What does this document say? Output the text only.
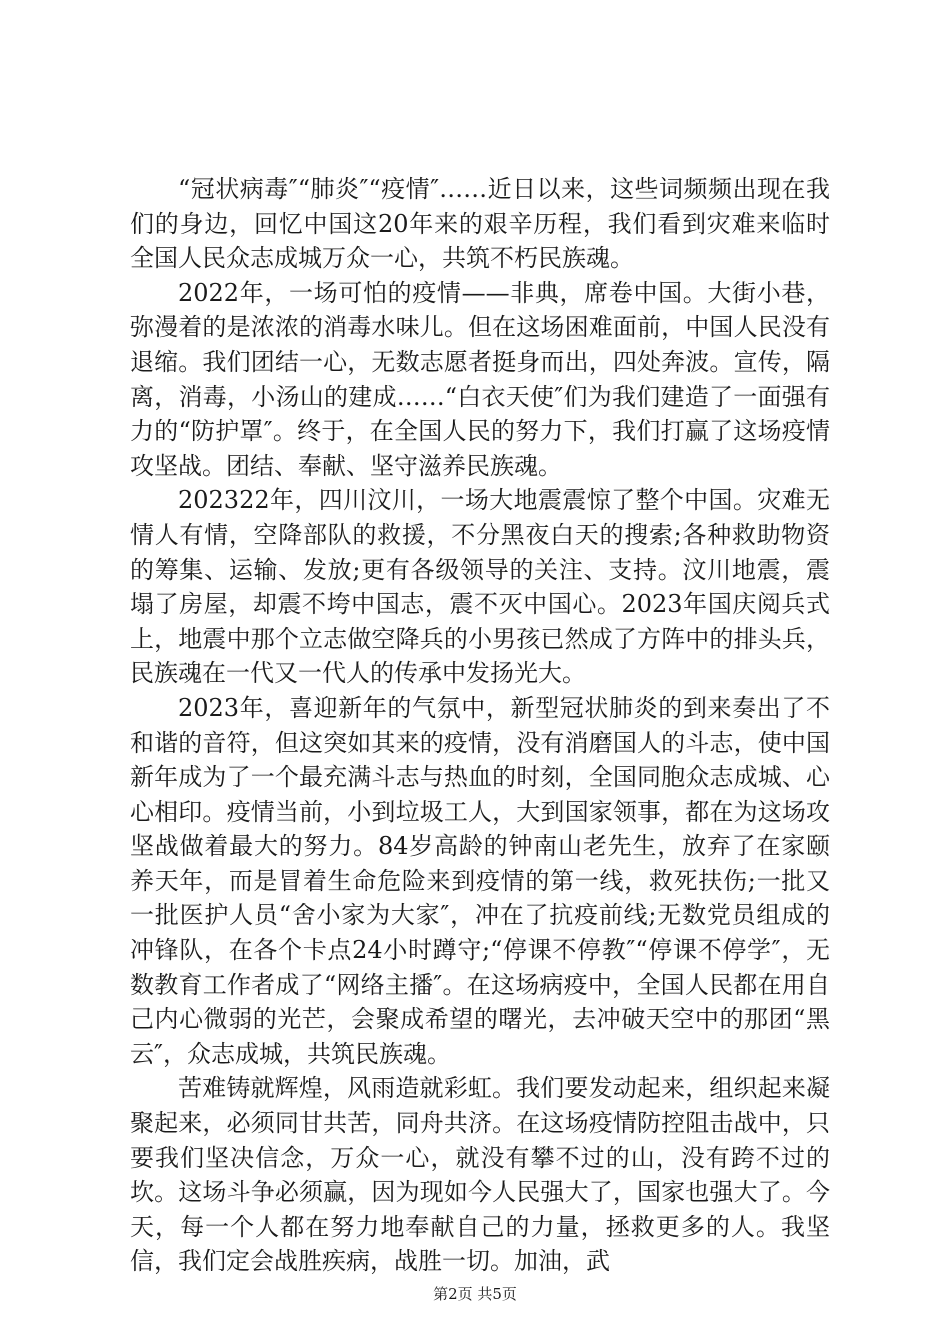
“冠状病毒″“肺炎″“疫情″……近日以来，这些词频频出现在我们的身边，回忆中国这20年来的艰辛历程，我们看到灾难来临时全国人民众志成城万众一心，共筑不朽民族魂。

2022年，一场可怕的疫情——非典，席卷中国。大街小巷，弥漫着的是浓浓的消毒水味儿。但在这场困难面前，中国人民没有退缩。我们团结一心，无数志愿者挺身而出，四处奔波。宣传，隔离，消毒，小汤山的建成……“白衣天使″们为我们建造了一面强有力的“防护罩″。终于，在全国人民的努力下，我们打赢了这场疫情攻坚战。团结、奉献、坚守滋养民族魂。

202322年，四川汶川，一场大地震震惊了整个中国。灾难无情人有情，空降部队的救援，不分黑夜白天的搜索;各种救助物资的筹集、运输、发放;更有各级领导的关注、支持。汶川地震，震塌了房屋，却震不垮中国志，震不灭中国心。2023年国庆阅兵式上，地震中那个立志做空降兵的小男孩已然成了方阵中的排头兵，民族魂在一代又一代人的传承中发扬光大。

2023年，喜迎新年的气氛中，新型冠状肺炎的到来奏出了不和谐的音符，但这突如其来的疫情，没有消磨国人的斗志，使中国新年成为了一个最充满斗志与热血的时刻，全国同胞众志成城、心心相印。疫情当前，小到垃圾工人，大到国家领事，都在为这场攻坚战做着最大的努力。84岁高龄的钟南山老先生，放弃了在家颐养天年，而是冒着生命危险来到疫情的第一线，救死扶伤;一批又一批医护人员“舍小家为大家″，冲在了抗疫前线;无数党员组成的冲锋队，在各个卡点24小时蹲守;“停课不停教″“停课不停学″，无数教育工作者成了“网络主播″。在这场病疫中，全国人民都在用自己内心微弱的光芒，会聚成希望的曙光，去冲破天空中的那团“黑云″，众志成城，共筑民族魂。

苦难铸就辉煌，风雨造就彩虹。我们要发动起来，组织起来凝聚起来，必须同甘共苦，同舟共济。在这场疫情防控阻击战中，只要我们坚决信念，万众一心，就没有攀不过的山，没有跨不过的坎。这场斗争必须赢，因为现如今人民强大了，国家也强大了。今天，每一个人都在努力地奉献自己的力量，拯救更多的人。我坚信，我们定会战胜疾病，战胜一切。加油，武

第2页 共5页
